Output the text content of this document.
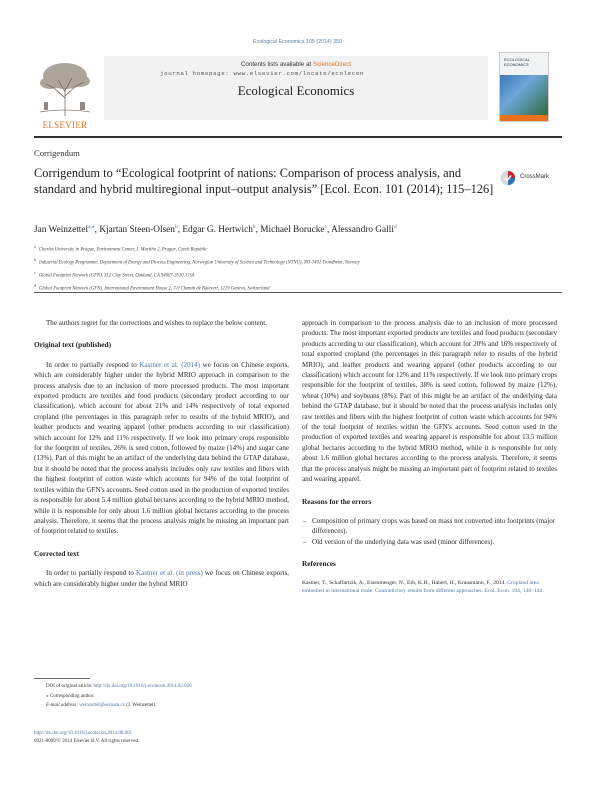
Ecological Economics 105 (2014) 350
ELSEVIER
Contents lists available at ScienceDirect
Ecological Economics
ECOLOGICAL ECONOMICS
journal homepage: www.elsevier.com/locate/ecolecon
Corrigendum
Corrigendum to “Ecological footprint of nations: Comparison of process analysis, and standard and hybrid multiregional input–output analysis” [Ecol. Econ. 101 (2014); 115–126]
CrossMark
Jan Weinzettel$^{a,⁎}$, Kjartan Steen-Olsen$^b$, Edgar G. Hertwich$^b$, Michael Borucke$^c$, Alessandro Galli$^d$
$^a$Charles University in Prague, Environment Center, J. Martiho 2, Prague, Czech Republic
$^b$Industrial Ecology Programme, Department of Energy and Process Engineering, Norwegian University of Science and Technology (NTNU), NO-7491 Trondheim, Norway
$^c$Global Footprint Network (GFN), 312 Clay Street, Oakland, CA 94607-3510, USA
$^d$Global Footprint Network (GFN), International Environment House 2, 7-9 Chemin de Balexert, 1219 Geneva, Switzerland

The authors regret for the corrections and wishes to replace the below content.

Original text (published)

In order to partially respond to Kastner et al. (2014) we focus on Chinese exports, which are considerably higher under the hybrid MRIO approach in comparison to the process analysis due to an inclusion of more processed products. The most important exported products are textiles and food products (secondary product according to our classification), which account for about 21% and 14% respectively of total exported cropland (the percentages in this paragraph refer to results of the hybrid MRIO), and leather products and wearing apparel (other products according to our classification) which account for 12% and 11% respectively. If we look into primary crops responsible for the footprint of textiles, 26% is seed cotton, followed by maize (14%) and sugar cane (13%). Part of this might be an artifact of the underlying data behind the GTAP database, but it should be noted that the process analysis includes only raw textiles and fibers with the highest footprint of cotton waste which accounts for 94% of the total footprint of textiles within the GFN's accounts. Seed cotton used in the production of exported textiles is responsible for about 5.4 million global hectares according to the hybrid MRIO method, while it is responsible for only about 1.6 million global hectares according to the process analysis. Therefore, it seems that the process analysis might be missing an important part of footprint related to textiles.

Corrected text

In order to partially respond to Kastner et al. (in press) we focus on Chinese exports, which are considerably higher under the hybrid MRIO

approach in comparison to the process analysis due to an inclusion of more processed products. The most important exported products are textiles and food products (secondary products according to our classification), which account for 20% and 16% respectively of total exported cropland (the percentages in this paragraph refer to results of the hybrid MRIO), and leather products and wearing apparel (other products according to our classification) which account for 12% and 11% respectively. If we look into primary crops responsible for the footprint of textiles, 38% is seed cotton, followed by maize (12%), wheat (10%) and soybeans (8%). Part of this might be an artifact of the underlying data behind the GTAP database, but it should be noted that the process analysis includes only raw textiles and fibers with the highest footprint of cotton waste which accounts for 94% of the total footprint of textiles within the GFN's accounts. Seed cotton used in the production of exported textiles and wearing apparel is responsible for about 13.5 million global hectares according to the hybrid MRIO method, while it is responsible for only about 1.6 million global hectares according to the process analysis. Therefore, it seems that the process analysis might be missing an important part of footprint related to textiles and wearing apparel.

Reasons for the errors
– Composition of primary crops was based on mass not converted into footprints (major differences).
– Old version of the underlying data was used (minor differences).
References

Kastner, T., Schaffartzik, A., Eisenmenger, N., Erb, K.H., Haberl, H., Krausmann, F., 2014. Cropland area embodied in international trade: Contradictory results from different approaches. Ecol. Econ. 104, 140–144.

DOI of original article: http://dx.doi.org/10.1016/j.ecolecon.2014.02.020
⁎ Corresponding author.
E-mail address: weinzettel@seznam.cz (J. Weinzettel).
http://dx.doi.org/10.1016/j.ecolecon.2014.08.001
0921-8009/© 2014 Elsevier B.V. All rights reserved.
